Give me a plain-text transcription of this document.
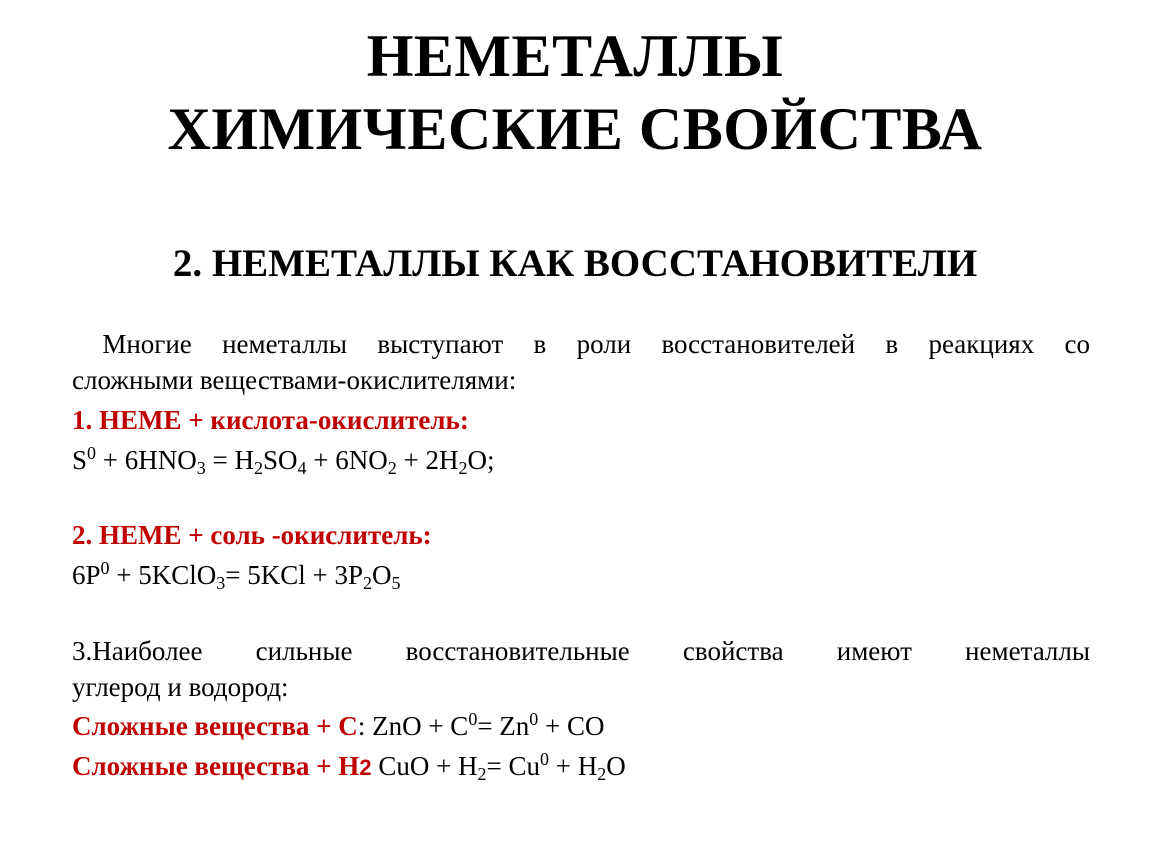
НЕМЕТАЛЛЫ
ХИМИЧЕСКИЕ СВОЙСТВА
2. НЕМЕТАЛЛЫ КАК ВОССТАНОВИТЕЛИ
Многие неметаллы выступают в роли восстановителей в реакциях со
сложными веществами-окислителями:
1. НЕМЕ + кислота-окислитель:
$S^0 + 6HNO_3 = H_2SO_4 + 6NO_2 + 2H_2O$;
2. НЕМЕ + соль -окислитель:
$6P^0$ + 5KClO$_3$= $5KCl + 3P_2O_5$
3.Наиболее сильные восстановительные свойства имеют неметаллы
углерод и водород:
Сложные вещества + С: ZnO + $C^0= Zn^0$ + CO
Сложные вещества + Н2 CuO + $H_2= Cu^0 + H_2O$
